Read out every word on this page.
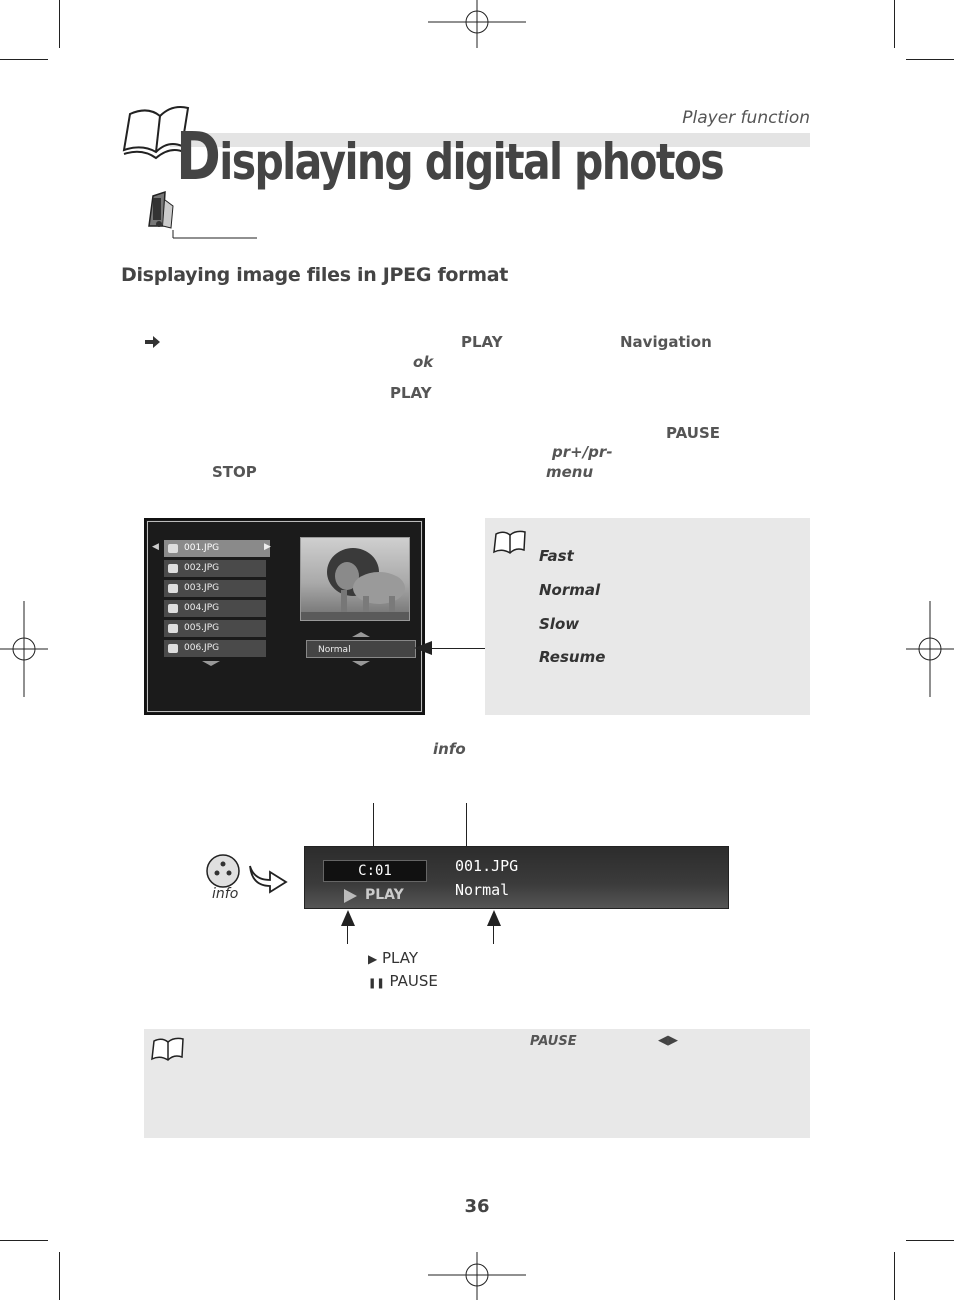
Player function
Displaying digital photos
Displaying image files in JPEG format
PLAY	Navigation
ok
PLAY
PAUSE
pr+/pr-
STOP	menu
◀	001.JPG	▶
002.JPG
003.JPG
004.JPG
005.JPG
006.JPG	Normal
Fast
Normal
Slow
Resume
info
C:01
PLAY
001.JPG
Normal
info
▶ PLAY
❚❚ PAUSE
PAUSE	◀▶
36
